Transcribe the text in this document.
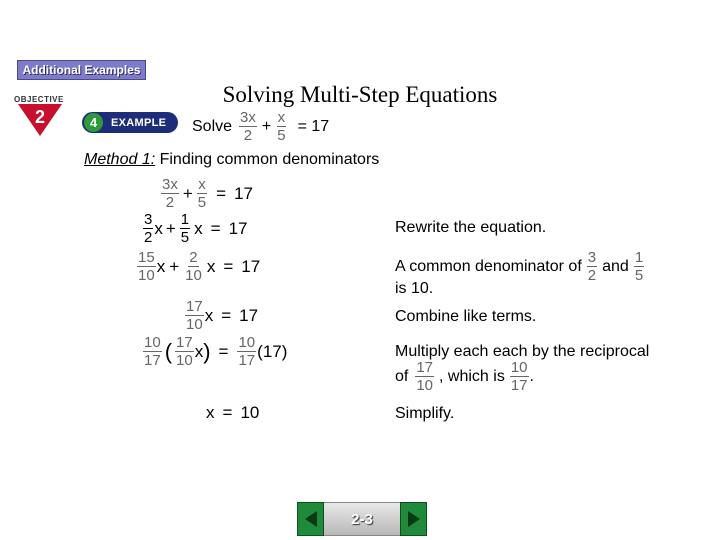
Additional Examples
OBJECTIVE
2
Solving Multi-Step Equations
4	EXAMPLE Solve $\frac{3x}{2} + \frac{x}{5} = 17$
Method 1: Finding common denominators
$\frac{3x}{2} + \frac{x}{5} = 17$
$\frac{3}{2}$ $x + \frac{1}{5}$ x = 17
$\frac{15}{10}$ $x + \frac{2}{10}$ x = 17
$\frac{17}{10}$ x = 17
$\frac{10}{17}$ ( $\frac{17}{10}$ x ) = $\frac{10}{17} (17)$
x = 10
Rewrite the equation.
A common denominator of $\frac{3}{2}$ and $\frac{1}{5}$
is 10.
Combine like terms.
Multiply each each by the reciprocal
of $\frac{17}{10}$ , which is $\frac{10}{17}$ .
Simplify.
2-3
